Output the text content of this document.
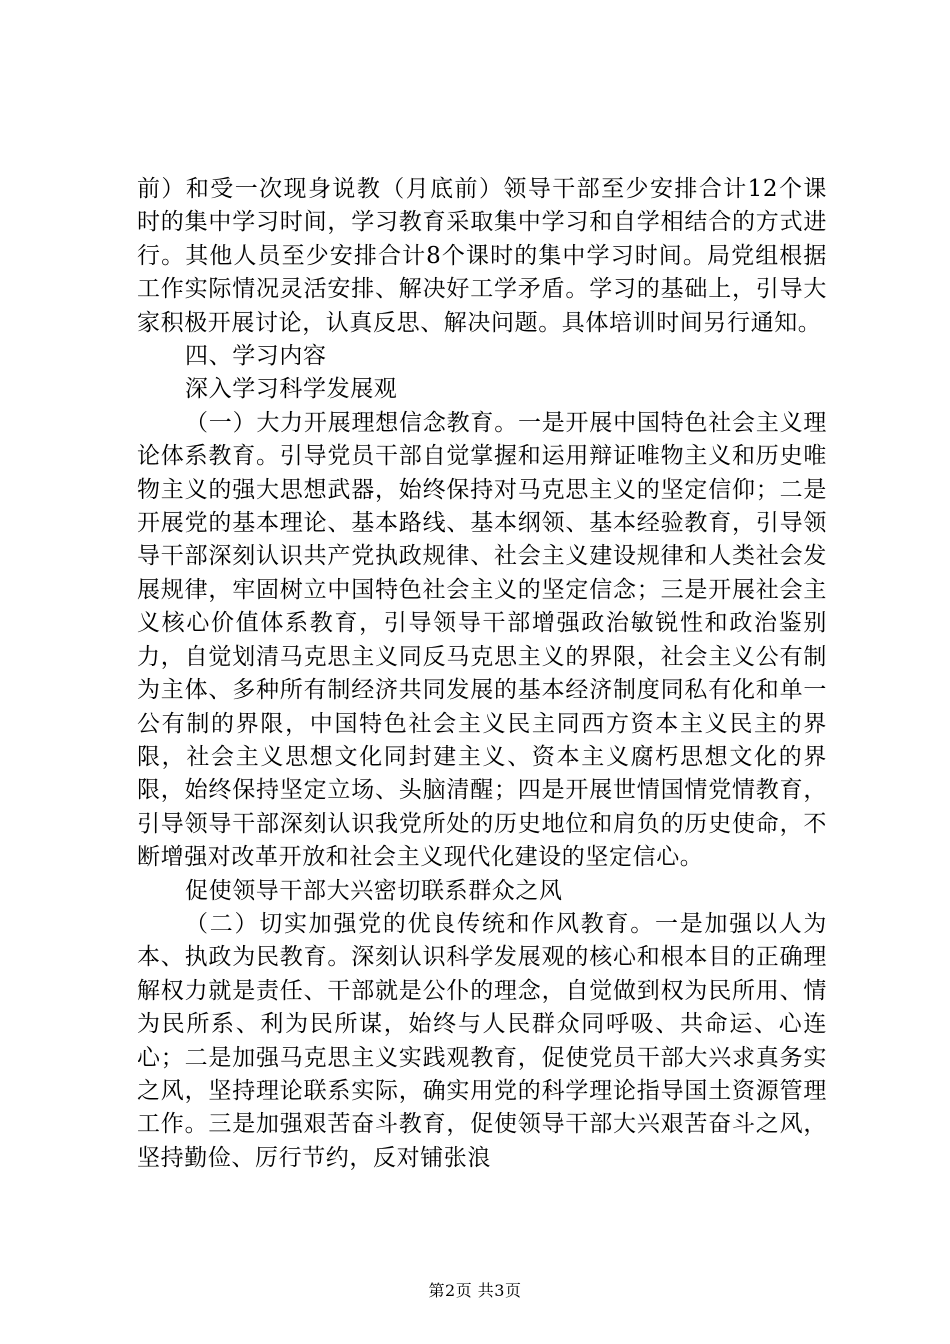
前）和受一次现身说教（月底前）领导干部至少安排合计12个课时的集中学习时间，学习教育采取集中学习和自学相结合的方式进行。其他人员至少安排合计8个课时的集中学习时间。局党组根据工作实际情况灵活安排、解决好工学矛盾。学习的基础上，引导大家积极开展讨论，认真反思、解决问题。具体培训时间另行通知。

四、学习内容

深入学习科学发展观

（一）大力开展理想信念教育。一是开展中国特色社会主义理论体系教育。引导党员干部自觉掌握和运用辩证唯物主义和历史唯物主义的强大思想武器，始终保持对马克思主义的坚定信仰；二是开展党的基本理论、基本路线、基本纲领、基本经验教育，引导领导干部深刻认识共产党执政规律、社会主义建设规律和人类社会发展规律，牢固树立中国特色社会主义的坚定信念；三是开展社会主义核心价值体系教育，引导领导干部增强政治敏锐性和政治鉴别力，自觉划清马克思主义同反马克思主义的界限，社会主义公有制为主体、多种所有制经济共同发展的基本经济制度同私有化和单一公有制的界限，中国特色社会主义民主同西方资本主义民主的界限，社会主义思想文化同封建主义、资本主义腐朽思想文化的界限，始终保持坚定立场、头脑清醒；四是开展世情国情党情教育，引导领导干部深刻认识我党所处的历史地位和肩负的历史使命，不断增强对改革开放和社会主义现代化建设的坚定信心。

促使领导干部大兴密切联系群众之风

（二）切实加强党的优良传统和作风教育。一是加强以人为本、执政为民教育。深刻认识科学发展观的核心和根本目的正确理解权力就是责任、干部就是公仆的理念，自觉做到权为民所用、情为民所系、利为民所谋，始终与人民群众同呼吸、共命运、心连心；二是加强马克思主义实践观教育，促使党员干部大兴求真务实之风，坚持理论联系实际，确实用党的科学理论指导国土资源管理工作。三是加强艰苦奋斗教育，促使领导干部大兴艰苦奋斗之风，坚持勤俭、厉行节约，反对铺张浪

第2页 共3页
